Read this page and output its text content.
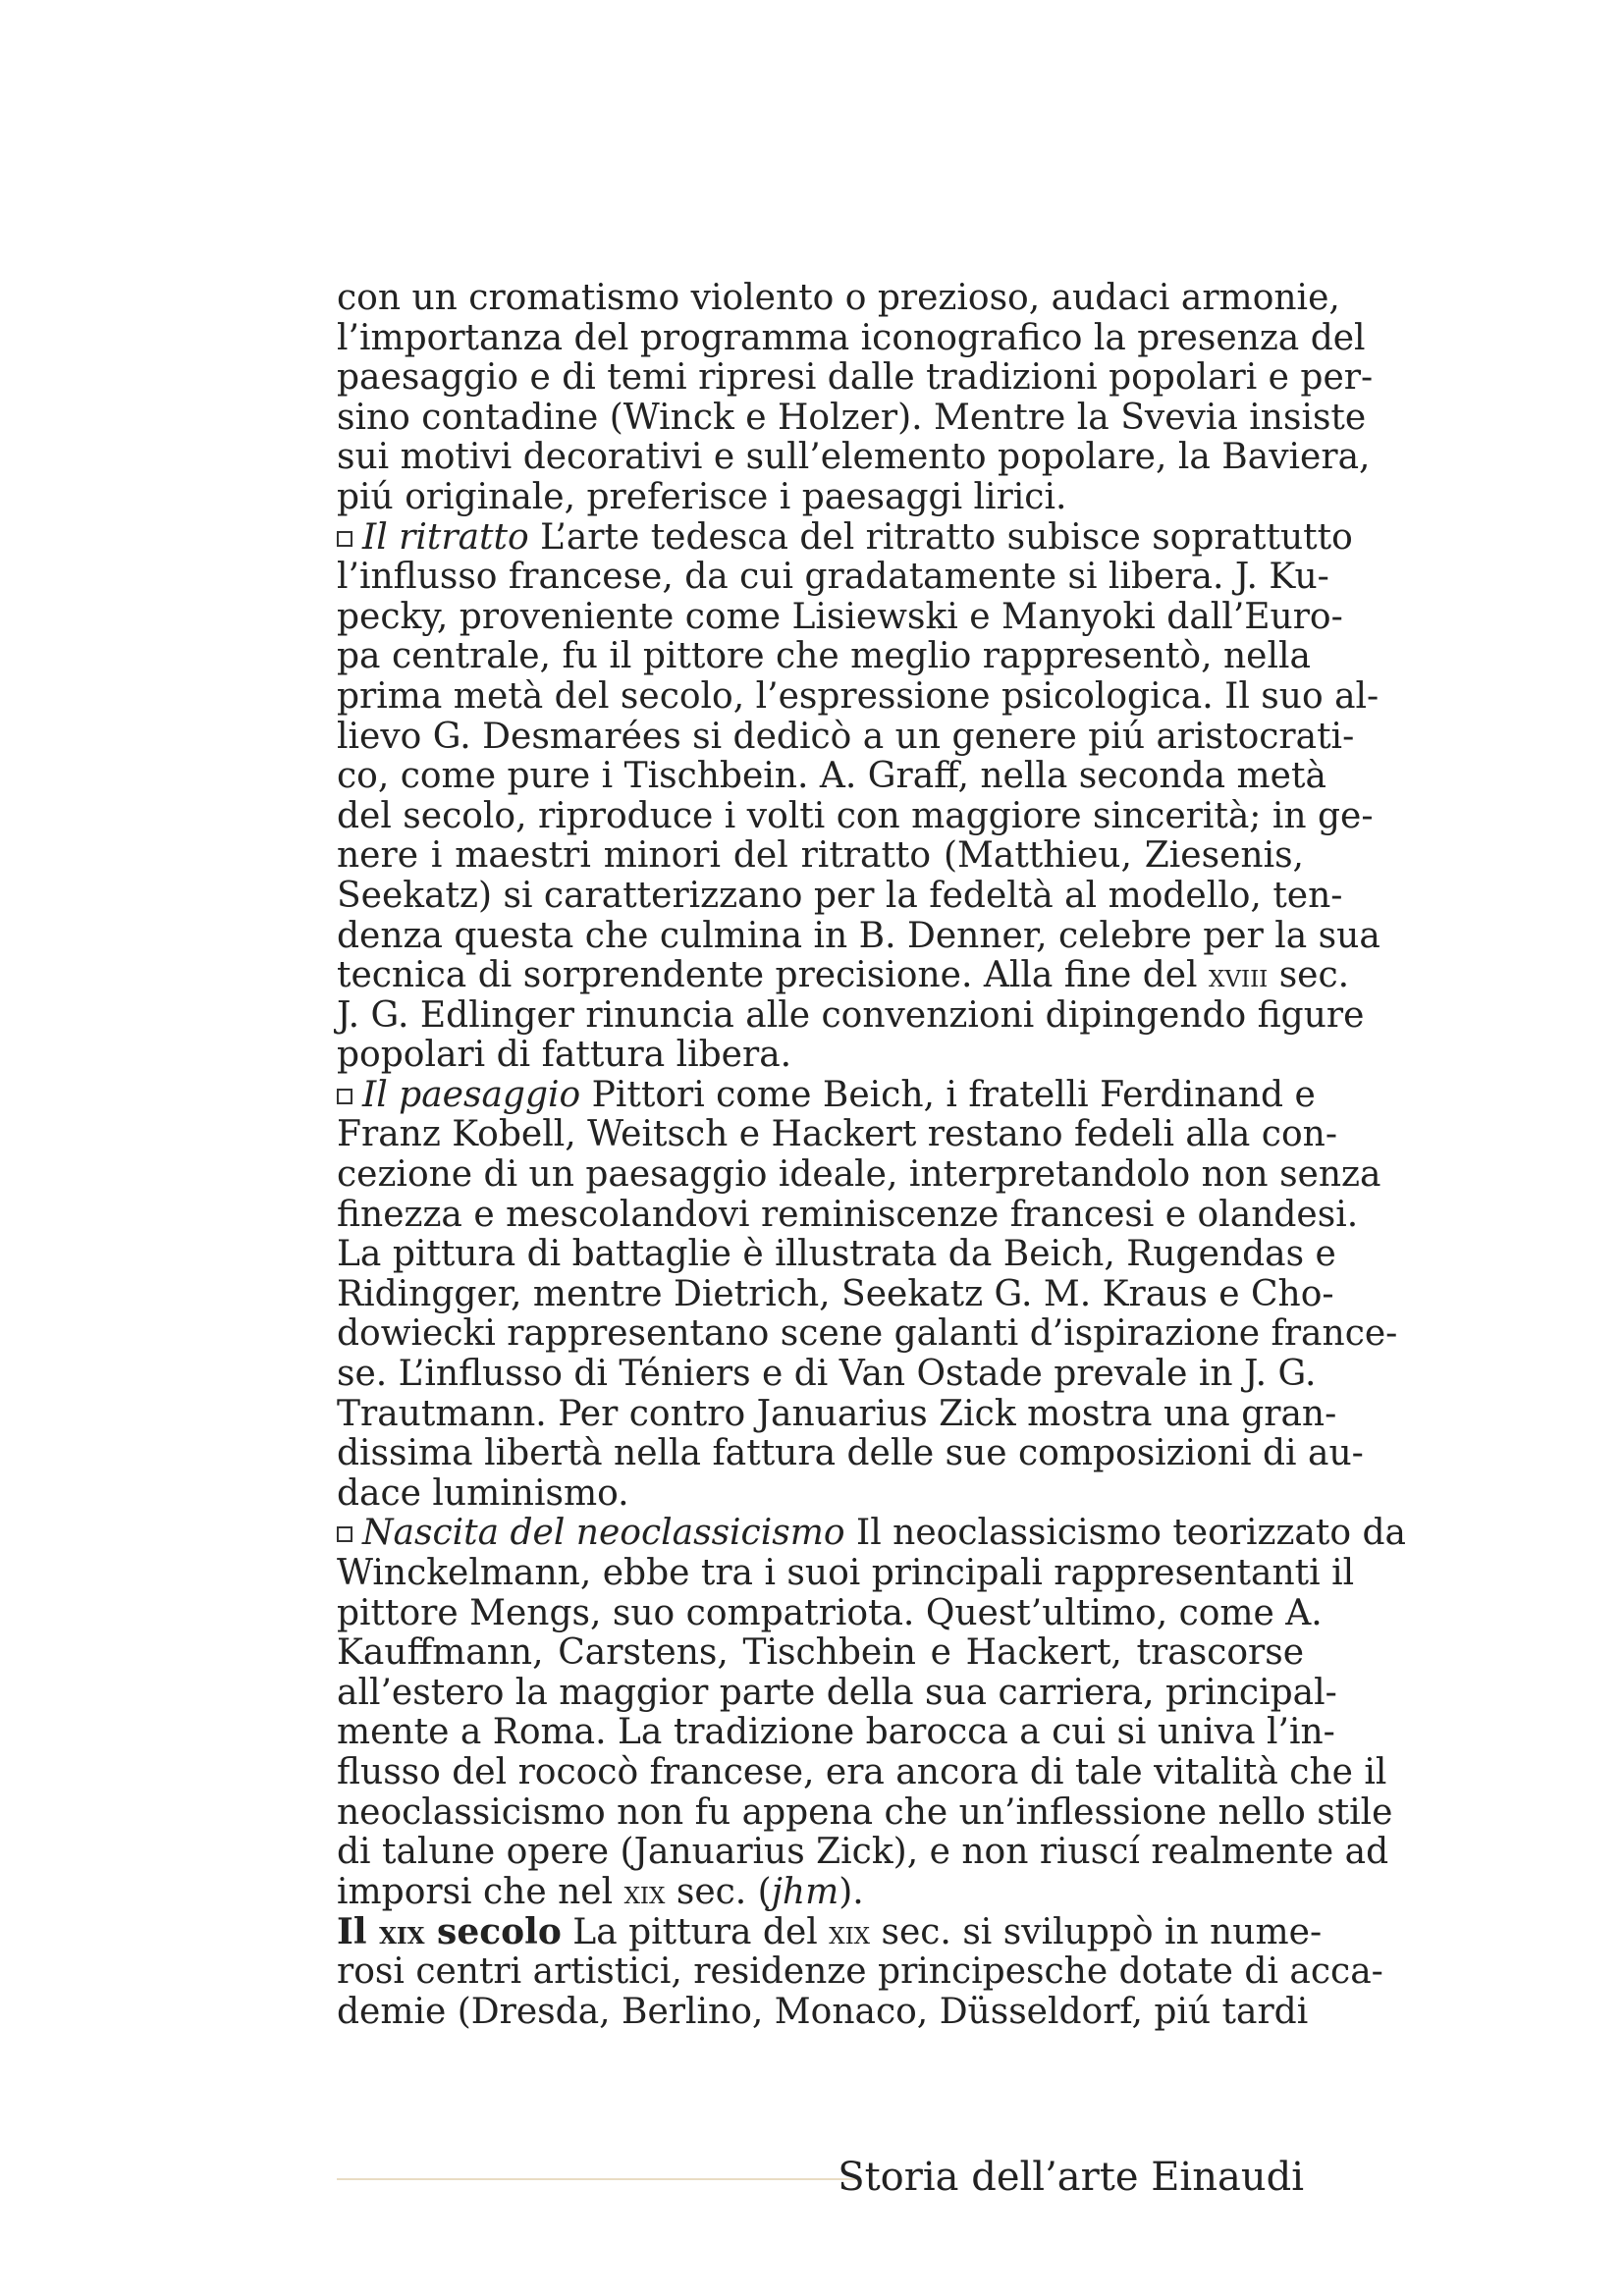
con un cromatismo violento o prezioso, audaci armonie,
l’importanza del programma iconografico la presenza del
paesaggio e di temi ripresi dalle tradizioni popolari e per-
sino contadine (Winck e Holzer). Mentre la Svevia insiste
sui motivi decorativi e sull’elemento popolare, la Baviera,
piú originale, preferisce i paesaggi lirici.
Il ritratto L’arte tedesca del ritratto subisce soprattutto
l’influsso francese, da cui gradatamente si libera. J. Ku-
pecky, proveniente come Lisiewski e Manyoki dall’Euro-
pa centrale, fu il pittore che meglio rappresentò, nella
prima metà del secolo, l’espressione psicologica. Il suo al-
lievo G. Desmarées si dedicò a un genere piú aristocrati-
co, come pure i Tischbein. A. Graff, nella seconda metà
del secolo, riproduce i volti con maggiore sincerità; in ge-
nere i maestri minori del ritratto (Matthieu, Ziesenis,
Seekatz) si caratterizzano per la fedeltà al modello, ten-
denza questa che culmina in B. Denner, celebre per la sua
tecnica di sorprendente precisione. Alla fine del xviii sec.
J. G. Edlinger rinuncia alle convenzioni dipingendo figure
popolari di fattura libera.
Il paesaggio Pittori come Beich, i fratelli Ferdinand e
Franz Kobell, Weitsch e Hackert restano fedeli alla con-
cezione di un paesaggio ideale, interpretandolo non senza
finezza e mescolandovi reminiscenze francesi e olandesi.
La pittura di battaglie è illustrata da Beich, Rugendas e
Ridingger, mentre Dietrich, Seekatz G. M. Kraus e Cho-
dowiecki rappresentano scene galanti d’ispirazione france-
se. L’influsso di Téniers e di Van Ostade prevale in J. G.
Trautmann. Per contro Januarius Zick mostra una gran-
dissima libertà nella fattura delle sue composizioni di au-
dace luminismo.
Nascita del neoclassicismo Il neoclassicismo teorizzato da
Winckelmann, ebbe tra i suoi principali rappresentanti il
pittore Mengs, suo compatriota. Quest’ultimo, come A.
Kauffmann, Carstens, Tischbein e Hackert, trascorse
all’estero la maggior parte della sua carriera, principal-
mente a Roma. La tradizione barocca a cui si univa l’in-
flusso del rococò francese, era ancora di tale vitalità che il
neoclassicismo non fu appena che un’inflessione nello stile
di talune opere (Januarius Zick), e non riuscí realmente ad
imporsi che nel xix sec. (jhm).
Il xix secolo La pittura del xix sec. si sviluppò in nume-
rosi centri artistici, residenze principesche dotate di acca-
demie (Dresda, Berlino, Monaco, Düsseldorf, piú tardi
Storia dell’arte Einaudi
